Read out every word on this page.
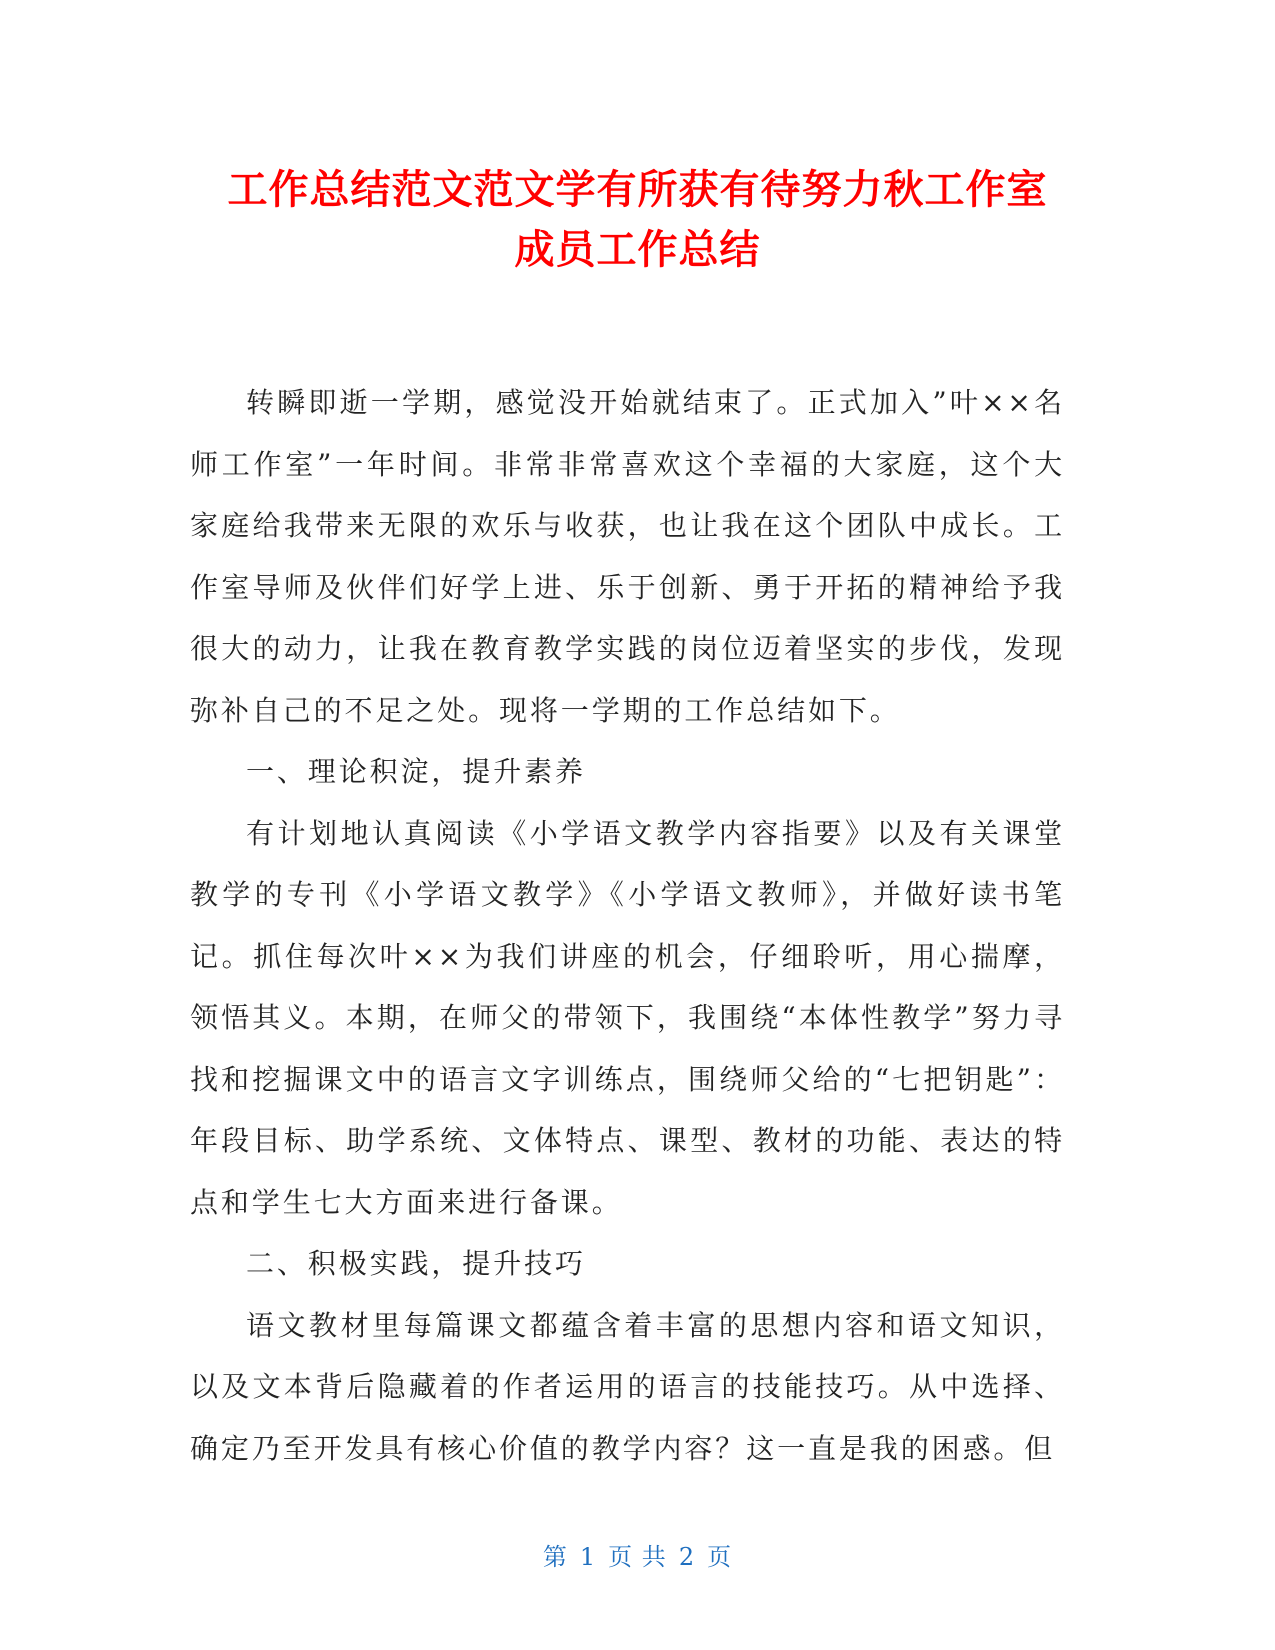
工作总结范文范文学有所获有待努力秋工作室
成员工作总结

转瞬即逝一学期，感觉没开始就结束了。正式加入”叶××名师工作室”一年时间。非常非常喜欢这个幸福的大家庭，这个大家庭给我带来无限的欢乐与收获，也让我在这个团队中成长。工作室导师及伙伴们好学上进、乐于创新、勇于开拓的精神给予我很大的动力，让我在教育教学实践的岗位迈着坚实的步伐，发现弥补自己的不足之处。现将一学期的工作总结如下。

一、理论积淀，提升素养

有计划地认真阅读《小学语文教学内容指要》以及有关课堂教学的专刊《小学语文教学》《小学语文教师》，并做好读书笔记。抓住每次叶××为我们讲座的机会，仔细聆听，用心揣摩，领悟其义。本期，在师父的带领下，我围绕“本体性教学”努力寻找和挖掘课文中的语言文字训练点，围绕师父给的“七把钥匙”：年段目标、助学系统、文体特点、课型、教材的功能、表达的特点和学生七大方面来进行备课。

二、积极实践，提升技巧

语文教材里每篇课文都蕴含着丰富的思想内容和语文知识，以及文本背后隐藏着的作者运用的语言的技能技巧。从中选择、确定乃至开发具有核心价值的教学内容？这一直是我的困惑。但

第 1 页 共 2 页
